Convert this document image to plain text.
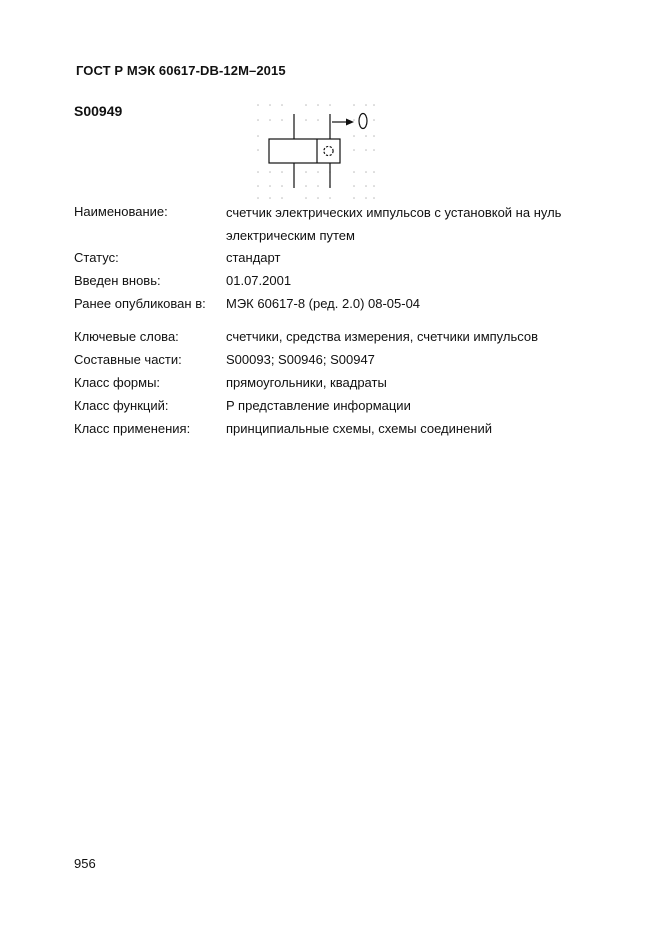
ГОСТ Р МЭК 60617-DB-12M–2015
S00949
Наименование:	счетчик электрических импульсов с установкой на нуль электрическим путем
Статус:	стандарт
Введен вновь:	01.07.2001
Ранее опубликован в: МЭК 60617-8 (ред. 2.0) 08-05-04
Ключевые слова:	счетчики, средства измерения, счетчики импульсов
Составные части:	S00093; S00946; S00947
Класс формы:	прямоугольники, квадраты
Класс функций:	P представление информации
Класс применения:	принципиальные схемы, схемы соединений
956
